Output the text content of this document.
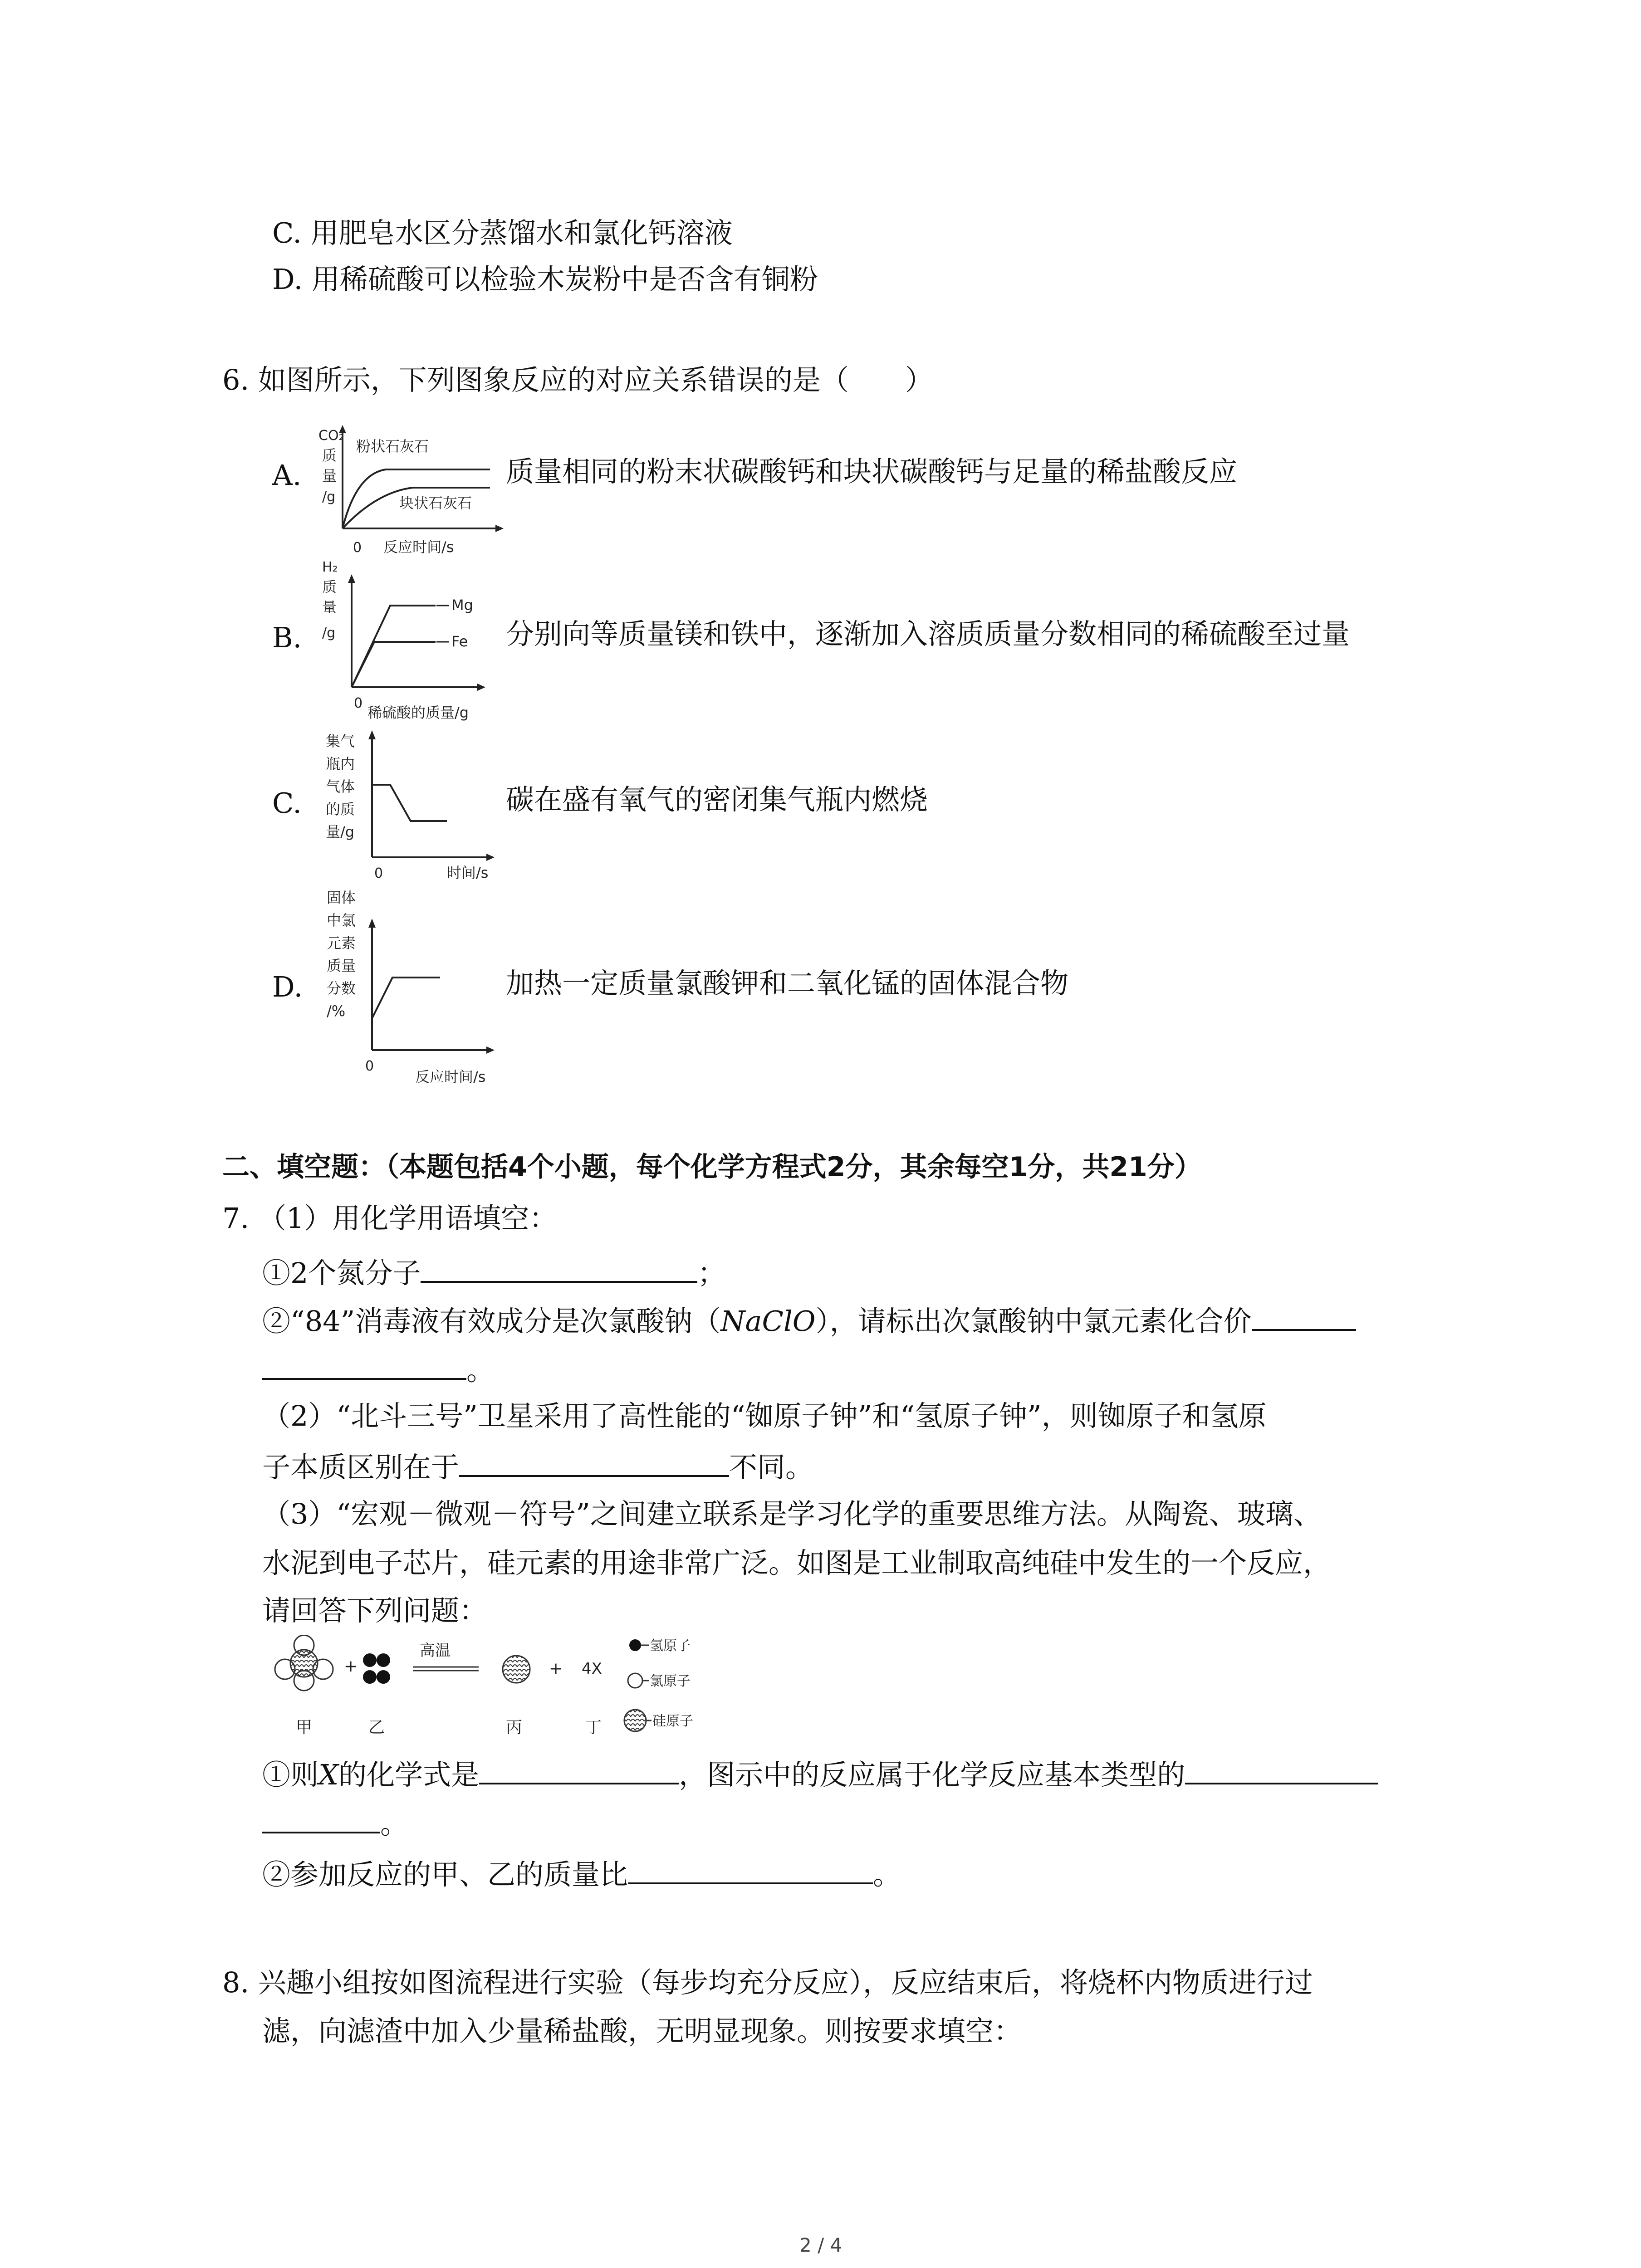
C. 用肥皂水区分蒸馏水和氯化钙溶液
D. 用稀硫酸可以检验木炭粉中是否含有铜粉
6. 如图所示，下列图象反应的对应关系错误的是（　　）
A.
CO₂
质
量
/g
粉状石灰石
块状石灰石
0 反应时间/s
质量相同的粉末状碳酸钙和块状碳酸钙与足量的稀盐酸反应
B.
H₂
质
量
/g
Mg
Fe
0
稀硫酸的质量/g
分别向等质量镁和铁中，逐渐加入溶质质量分数相同的稀硫酸至过量
C.
集气
瓶内
气体
的质
量/g
0	时间/s
碳在盛有氧气的密闭集气瓶内燃烧
D.
固体
中氯
元素
质量
分数
/%
0
反应时间/s
加热一定质量氯酸钾和二氧化锰的固体混合物
二、填空题：（本题包括4个小题，每个化学方程式2分，其余每空1分，共21分）
7. （1）用化学用语填空：
①2个氮分子	；
②“84”消毒液有效成分是次氯酸钠（NaClO），请标出次氯酸钠中氯元素化合价
。
（2）“北斗三号”卫星采用了高性能的“铷原子钟”和“氢原子钟”，则铷原子和氢原
子本质区别在于	不同。
（3）“宏观－微观－符号”之间建立联系是学习化学的重要思维方法。从陶瓷、玻璃、
水泥到电子芯片，硅元素的用途非常广泛。如图是工业制取高纯硅中发生的一个反应，
请回答下列问题：
+
高温
+ 4X
甲	乙	丙	丁
氢原子
氯原子
硅原子
①则X的化学式是	，图示中的反应属于化学反应基本类型的
。
②参加反应的甲、乙的质量比	。
8. 兴趣小组按如图流程进行实验（每步均充分反应），反应结束后，将烧杯内物质进行过
滤，向滤渣中加入少量稀盐酸，无明显现象。则按要求填空：
2 / 4
